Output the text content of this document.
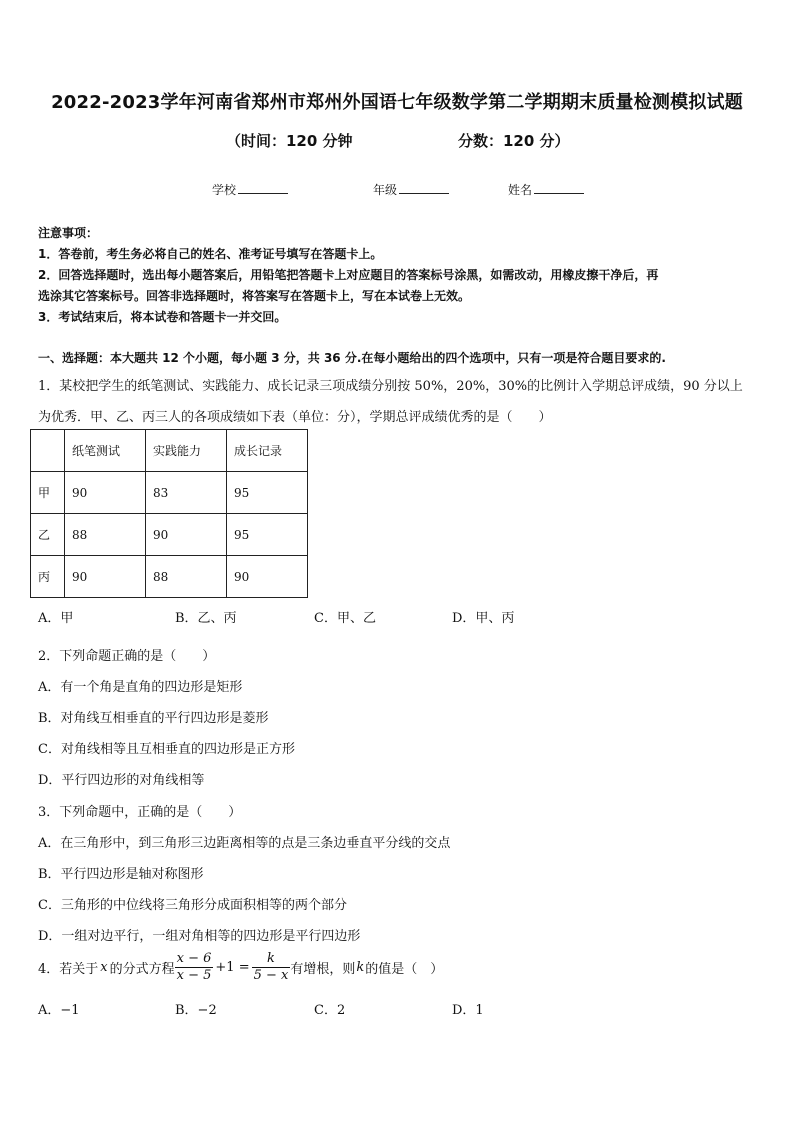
2022-2023学年河南省郑州市郑州外国语七年级数学第二学期期末质量检测模拟试题
（时间：120 分钟	分数：120 分）
学校	年级	姓名
注意事项：
1．答卷前，考生务必将自己的姓名、准考证号填写在答题卡上。
2．回答选择题时，选出每小题答案后，用铅笔把答题卡上对应题目的答案标号涂黑，如需改动，用橡皮擦干净后，再
选涂其它答案标号。回答非选择题时，将答案写在答题卡上，写在本试卷上无效。
3．考试结束后，将本试卷和答题卡一并交回。
一、选择题：本大题共 12 个小题，每小题 3 分，共 36 分.在每小题给出的四个选项中，只有一项是符合题目要求的.
1．某校把学生的纸笔测试、实践能力、成长记录三项成绩分别按 50%，20%，30%的比例计入学期总评成绩，90 分以上
为优秀．甲、乙、丙三人的各项成绩如下表（单位：分），学期总评成绩优秀的是（　　）
	纸笔测试	实践能力	成长记录
甲	90	83	95
乙	88	90	95
丙	90	88	90
A．甲	B．乙、丙	C．甲、乙	D．甲、丙
2．下列命题正确的是（　　）
A．有一个角是直角的四边形是矩形
B．对角线互相垂直的平行四边形是菱形
C．对角线相等且互相垂直的四边形是正方形
D．平行四边形的对角线相等
3．下列命题中，正确的是（　　）
A．在三角形中，到三角形三边距离相等的点是三条边垂直平分线的交点
B．平行四边形是轴对称图形
C．三角形的中位线将三角形分成面积相等的两个部分
D．一组对边平行，一组对角相等的四边形是平行四边形
4．若关于 x 的分式方程 $\frac{x - 6}{x - 5} +1 = \frac{k}{5 - x}$ 有增根，则 k 的值是（　）
A．−1	B．−2	C．2	D．1
